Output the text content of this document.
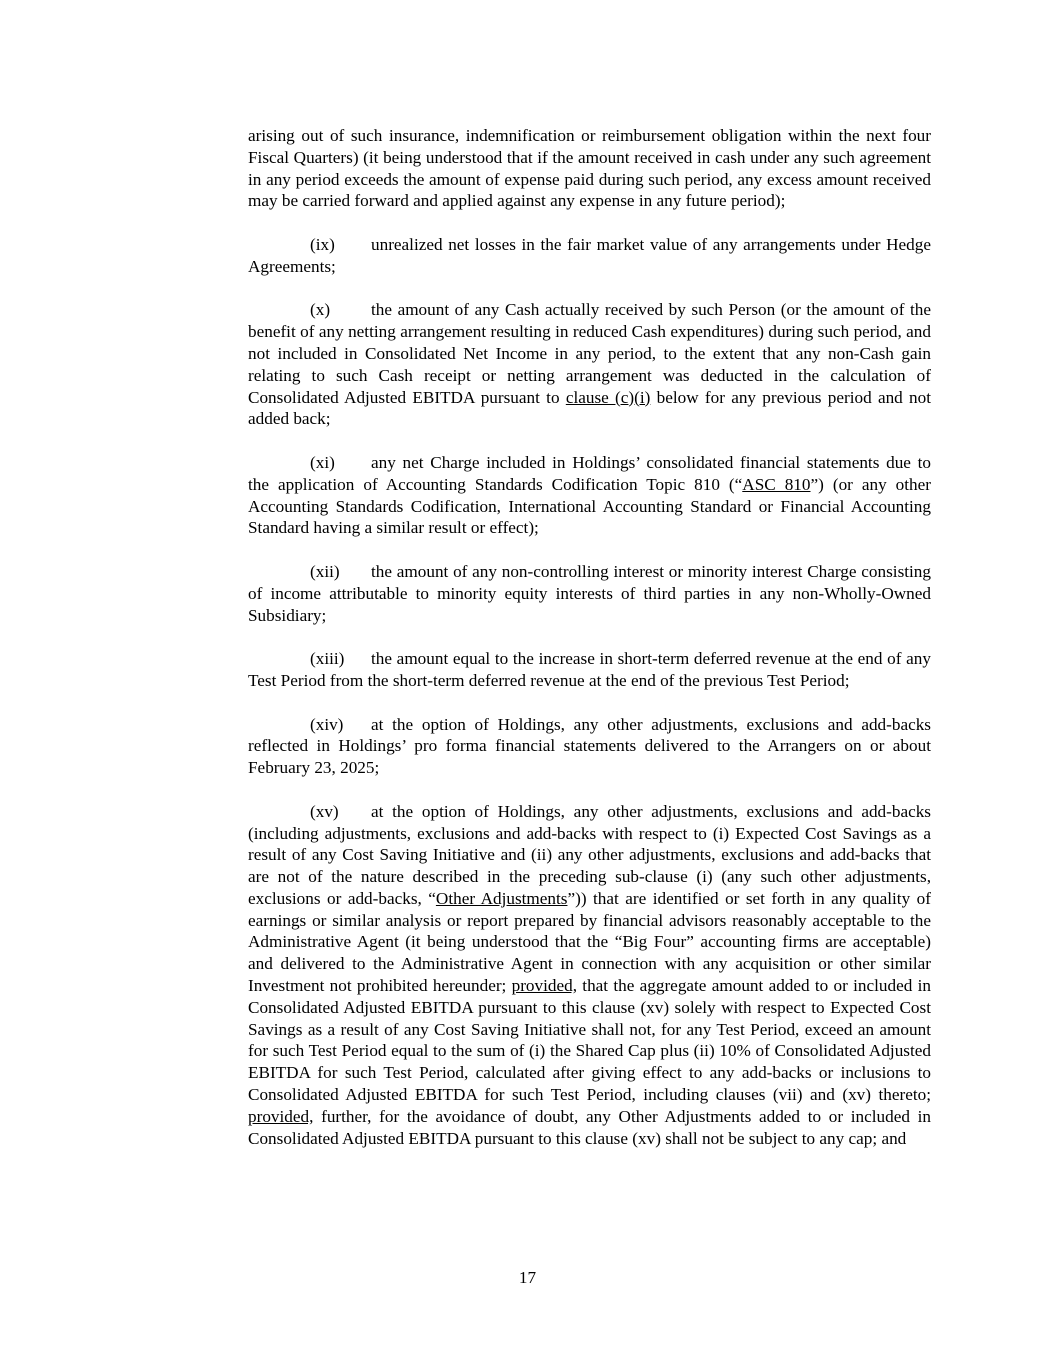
arising out of such insurance, indemnification or reimbursement obligation within the next four Fiscal Quarters) (it being understood that if the amount received in cash under any such agreement in any period exceeds the amount of expense paid during such period, any excess amount received may be carried forward and applied against any expense in any future period);

(ix) unrealized net losses in the fair market value of any arrangements under Hedge Agreements;

(x) the amount of any Cash actually received by such Person (or the amount of the benefit of any netting arrangement resulting in reduced Cash expenditures) during such period, and not included in Consolidated Net Income in any period, to the extent that any non-Cash gain relating to such Cash receipt or netting arrangement was deducted in the calculation of Consolidated Adjusted EBITDA pursuant to clause (c)(i) below for any previous period and not added back;

(xi) any net Charge included in Holdings’ consolidated financial statements due to the application of Accounting Standards Codification Topic 810 (“ASC 810”) (or any other Accounting Standards Codification, International Accounting Standard or Financial Accounting Standard having a similar result or effect);

(xii) the amount of any non-controlling interest or minority interest Charge consisting of income attributable to minority equity interests of third parties in any non-Wholly-Owned Subsidiary;

(xiii) the amount equal to the increase in short-term deferred revenue at the end of any Test Period from the short-term deferred revenue at the end of the previous Test Period;

(xiv) at the option of Holdings, any other adjustments, exclusions and add-backs reflected in Holdings’ pro forma financial statements delivered to the Arrangers on or about February 23, 2025;

(xv) at the option of Holdings, any other adjustments, exclusions and add-backs (including adjustments, exclusions and add-backs with respect to (i) Expected Cost Savings as a result of any Cost Saving Initiative and (ii) any other adjustments, exclusions and add-backs that are not of the nature described in the preceding sub-clause (i) (any such other adjustments, exclusions or add-backs, “Other Adjustments”)) that are identified or set forth in any quality of earnings or similar analysis or report prepared by financial advisors reasonably acceptable to the Administrative Agent (it being understood that the “Big Four” accounting firms are acceptable) and delivered to the Administrative Agent in connection with any acquisition or other similar Investment not prohibited hereunder; provided, that the aggregate amount added to or included in Consolidated Adjusted EBITDA pursuant to this clause (xv) solely with respect to Expected Cost Savings as a result of any Cost Saving Initiative shall not, for any Test Period, exceed an amount for such Test Period equal to the sum of (i) the Shared Cap plus (ii) 10% of Consolidated Adjusted EBITDA for such Test Period, calculated after giving effect to any add-backs or inclusions to Consolidated Adjusted EBITDA for such Test Period, including clauses (vii) and (xv) thereto; provided, further, for the avoidance of doubt, any Other Adjustments added to or included in Consolidated Adjusted EBITDA pursuant to this clause (xv) shall not be subject to any cap; and

17
